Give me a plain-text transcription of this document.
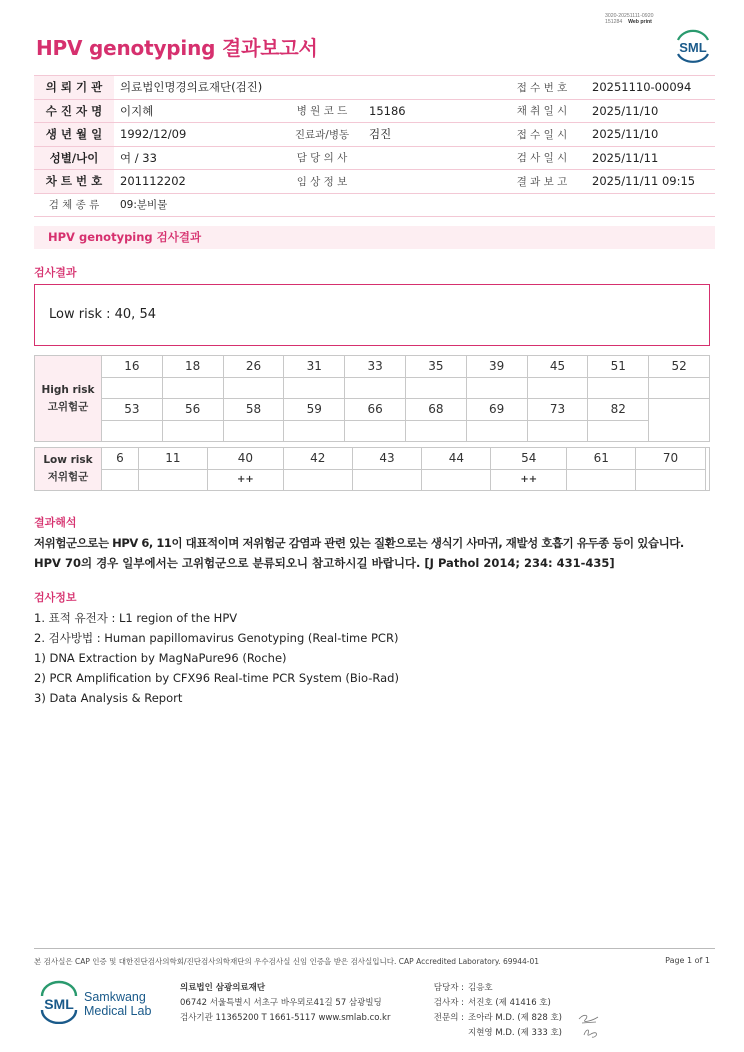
3020-20251111-0920
151284 Web print
HPV genotyping 결과보고서	SML
의 뢰 기 관	의료법인명경의료재단(검진)			접 수 번 호	20251110-00094
수 진 자 명	이지혜	병 원 코 드	15186	채 취 일 시	2025/11/10
생 년 월 일	1992/12/09	진료과/병동	검진	접 수 일 시	2025/11/10
성별/나이	여 / 33	담 당 의 사		검 사 일 시	2025/11/11
차 트 번 호	201112202	임 상 정 보		결 과 보 고	2025/11/11 09:15
검 체 종 류	09:분비물				
HPV genotyping 검사결과
검사결과
Low risk : 40, 54
High risk
고위험군	16	18	26	31	33	35	39	45	51	52

	53	56	58	59	66	68	69	73	82	

Low risk
저위험군	6	11	40	42	43	44	54	61	70	
			++				++			
결과해석
저위험군으로는 HPV 6, 11이 대표적이며 저위험군 감염과 관련 있는 질환으로는 생식기 사마귀, 재발성 호흡기 유두종 등이 있습니다.
HPV 70의 경우 일부에서는 고위험군으로 분류되오니 참고하시길 바랍니다. [J Pathol 2014; 234: 431-435]
검사정보
1. 표적 유전자 : L1 region of the HPV
2. 검사방법 : Human papillomavirus Genotyping (Real-time PCR)
1) DNA Extraction by MagNaPure96 (Roche)
2) PCR Amplification by CFX96 Real-time PCR System (Bio-Rad)
3) Data Analysis & Report
본 검사실은 CAP 인증 및 대한진단검사의학회/진단검사의학재단의 우수검사실 신임 인증을 받은 검사실입니다. CAP Accredited Laboratory. 69944-01	Page 1 of 1
SML Samkwang
Medical Lab
의료법인 삼광의료재단
06742 서울특별시 서초구 바우뫼로41길 57 삼광빌딩
검사기관 11365200 T 1661-5117 www.smlab.co.kr
담당자 : 김응호
검사자 : 서진호 (제 41416 호)
전문의 : 조아라 M.D. (제 828 호)
지현영 M.D. (제 333 호)
